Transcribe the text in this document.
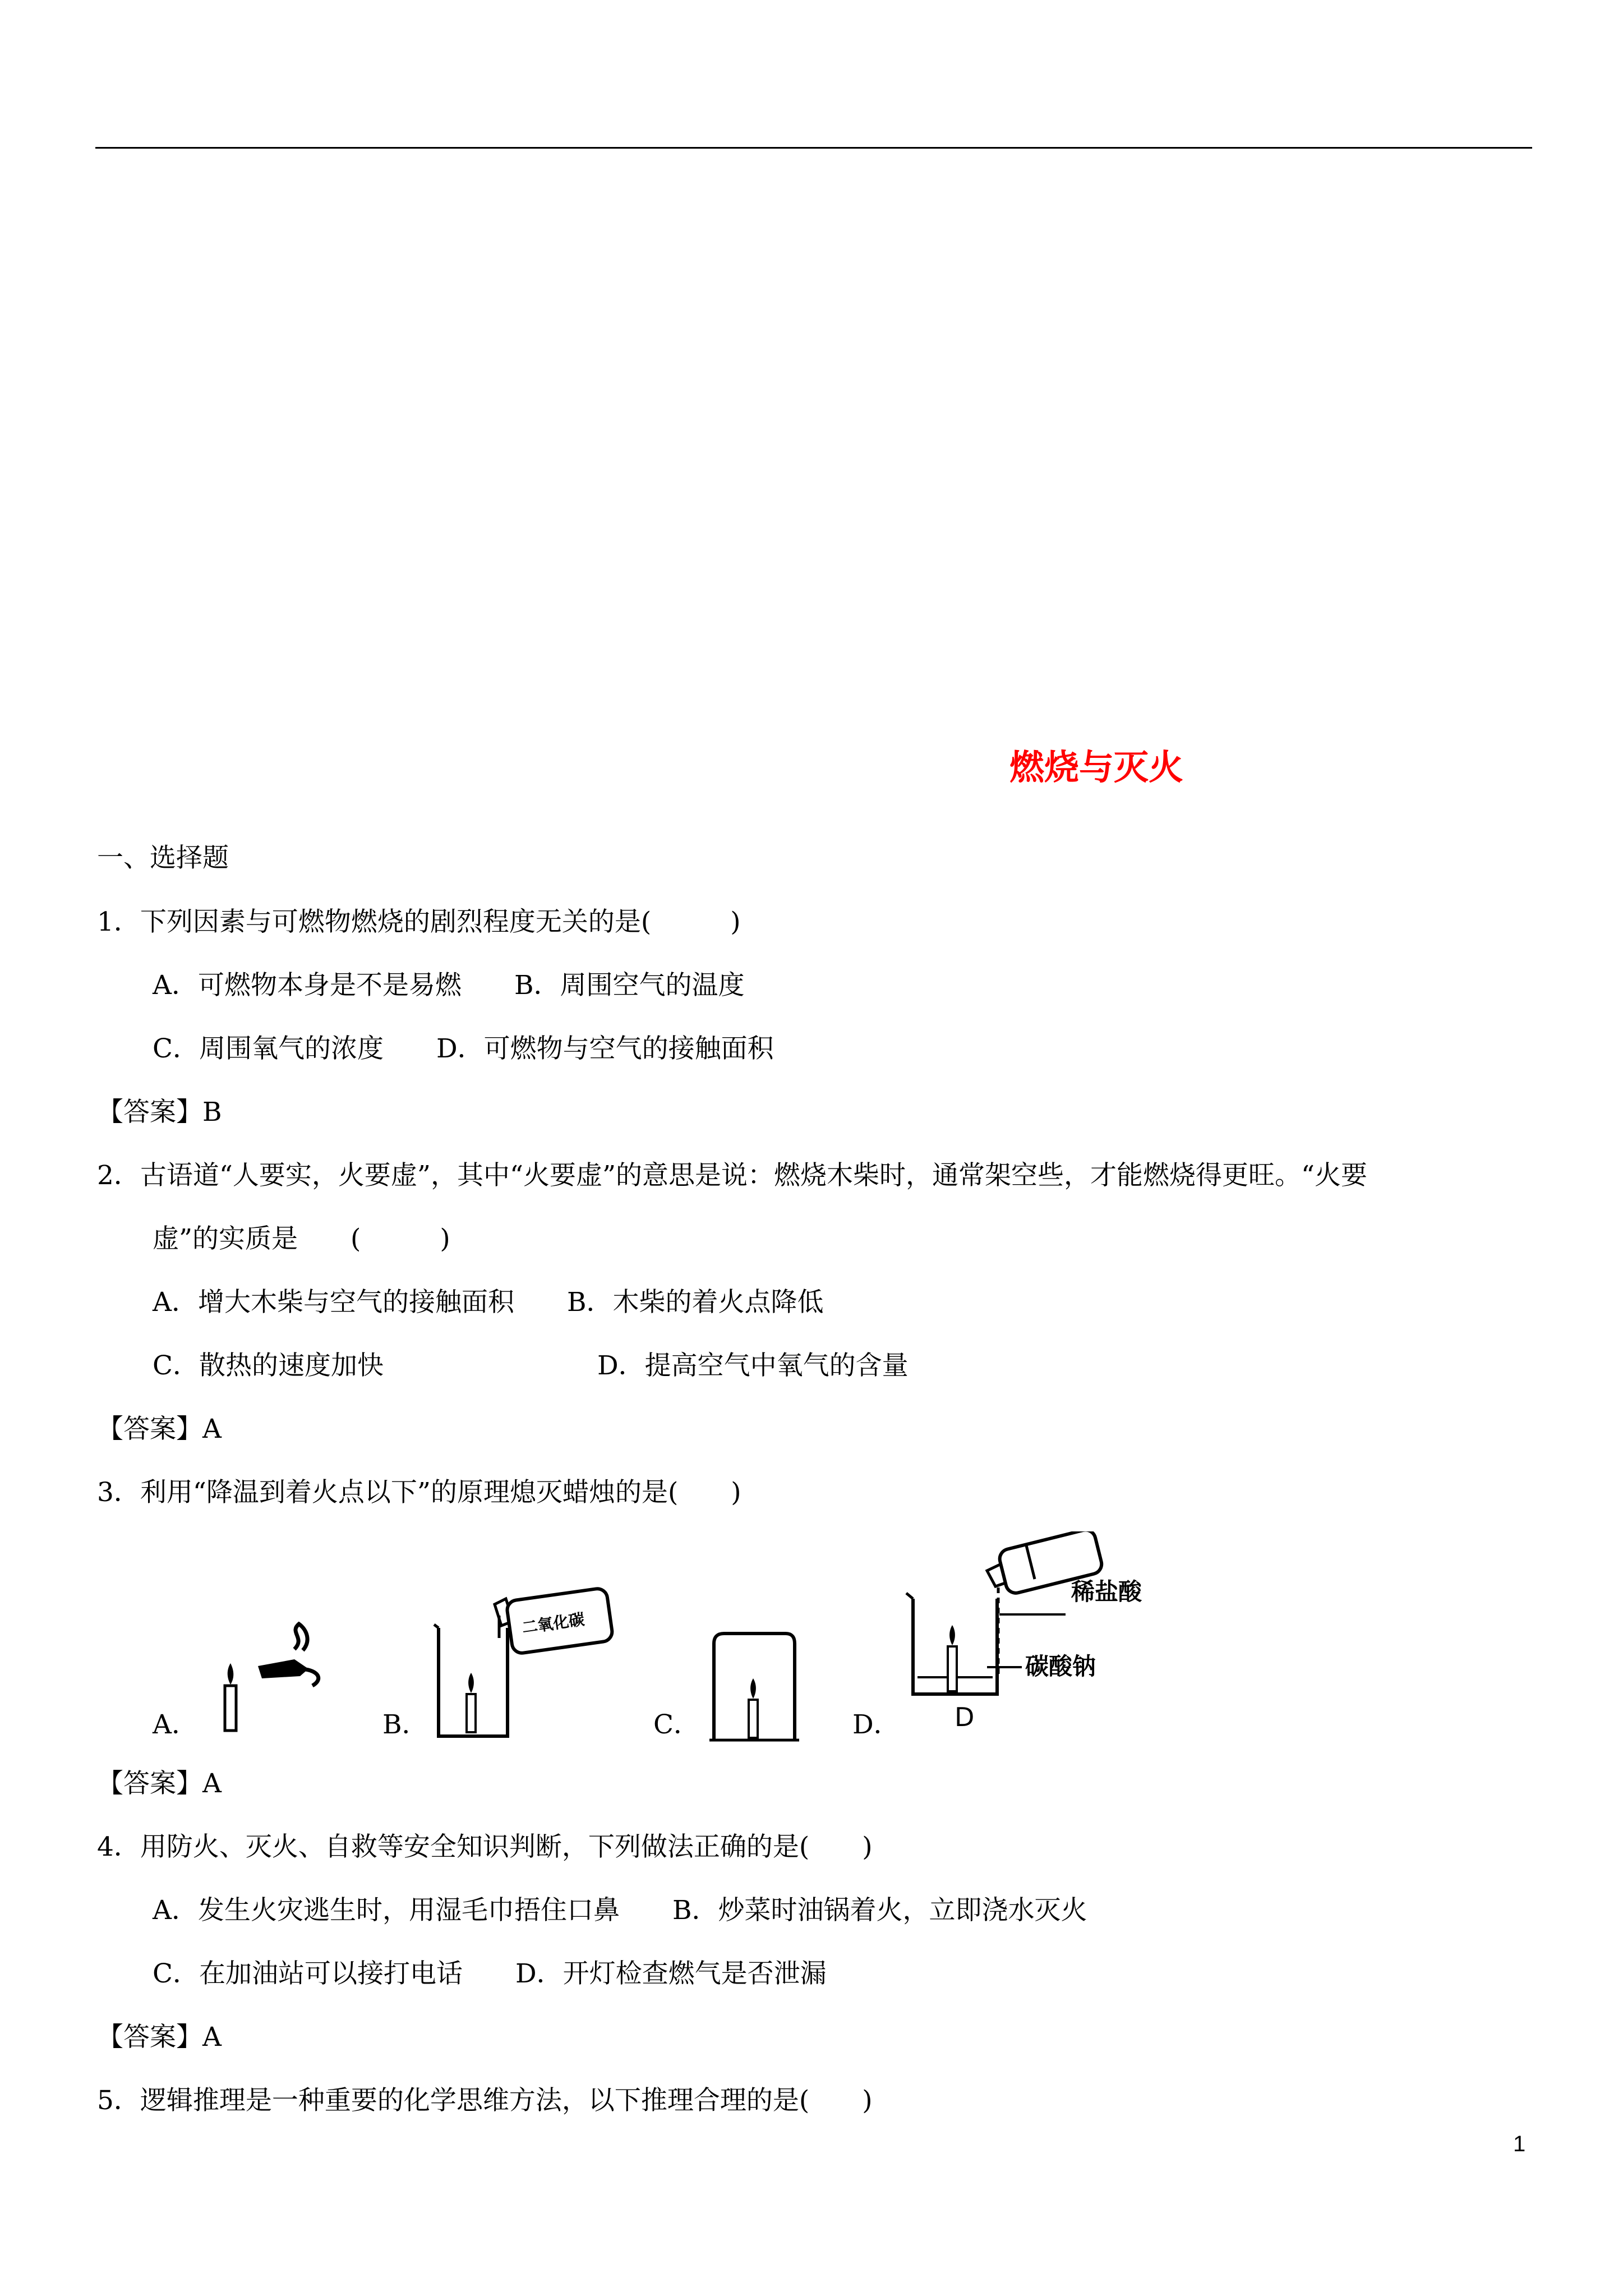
燃烧与灭火
一、选择题
1．下列因素与可燃物燃烧的剧烈程度无关的是(　　　)
A．可燃物本身是不是易燃　　B．周围空气的温度
C．周围氧气的浓度　　D．可燃物与空气的接触面积
【答案】B
2．古语道“人要实，火要虚”，其中“火要虚”的意思是说：燃烧木柴时，通常架空些，才能燃烧得更旺。“火要
虚”的实质是　　(　　　)
A．增大木柴与空气的接触面积　　B．木柴的着火点降低
C．散热的速度加快	D．提高空气中氧气的含量
【答案】A
3．利用“降温到着火点以下”的原理熄灭蜡烛的是(　　)
A．	B．	C．	D．
二氧化碳
稀盐酸
碳酸钠
D
【答案】A
4．用防火、灭火、自救等安全知识判断，下列做法正确的是(　　)
A．发生火灾逃生时，用湿毛巾捂住口鼻　　B．炒菜时油锅着火，立即浇水灭火
C．在加油站可以接打电话　　D．开灯检查燃气是否泄漏
【答案】A
5．逻辑推理是一种重要的化学思维方法，以下推理合理的是(　　)
1
